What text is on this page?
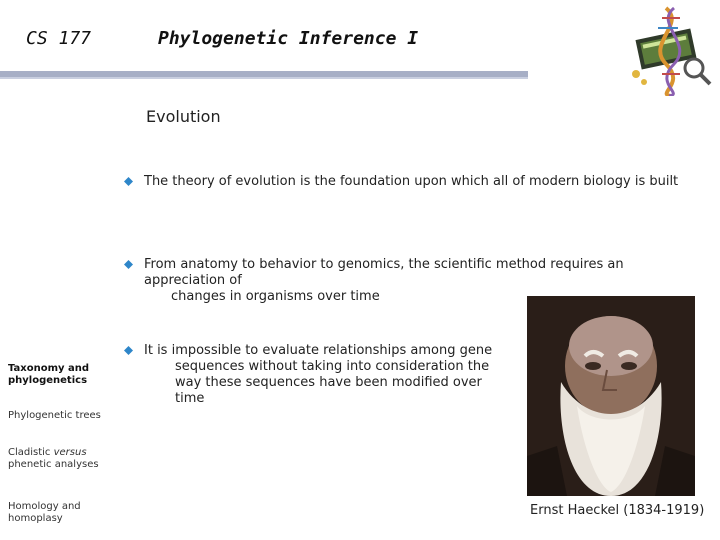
CS 177	Phylogenetic Inference I
Evolution
The theory of evolution is the foundation upon which all of modern biology is built
From anatomy to behavior to genomics, the scientific method requires an appreciation of
changes in organisms over time
It is impossible to evaluate relationships among gene
sequences without taking into consideration the
way these sequences have been modified over time
Taxonomy and
phylogenetics
Phylogenetic trees
Cladistic versus
phenetic analyses
Homology and
homoplasy
Ernst Haeckel (1834-1919)
